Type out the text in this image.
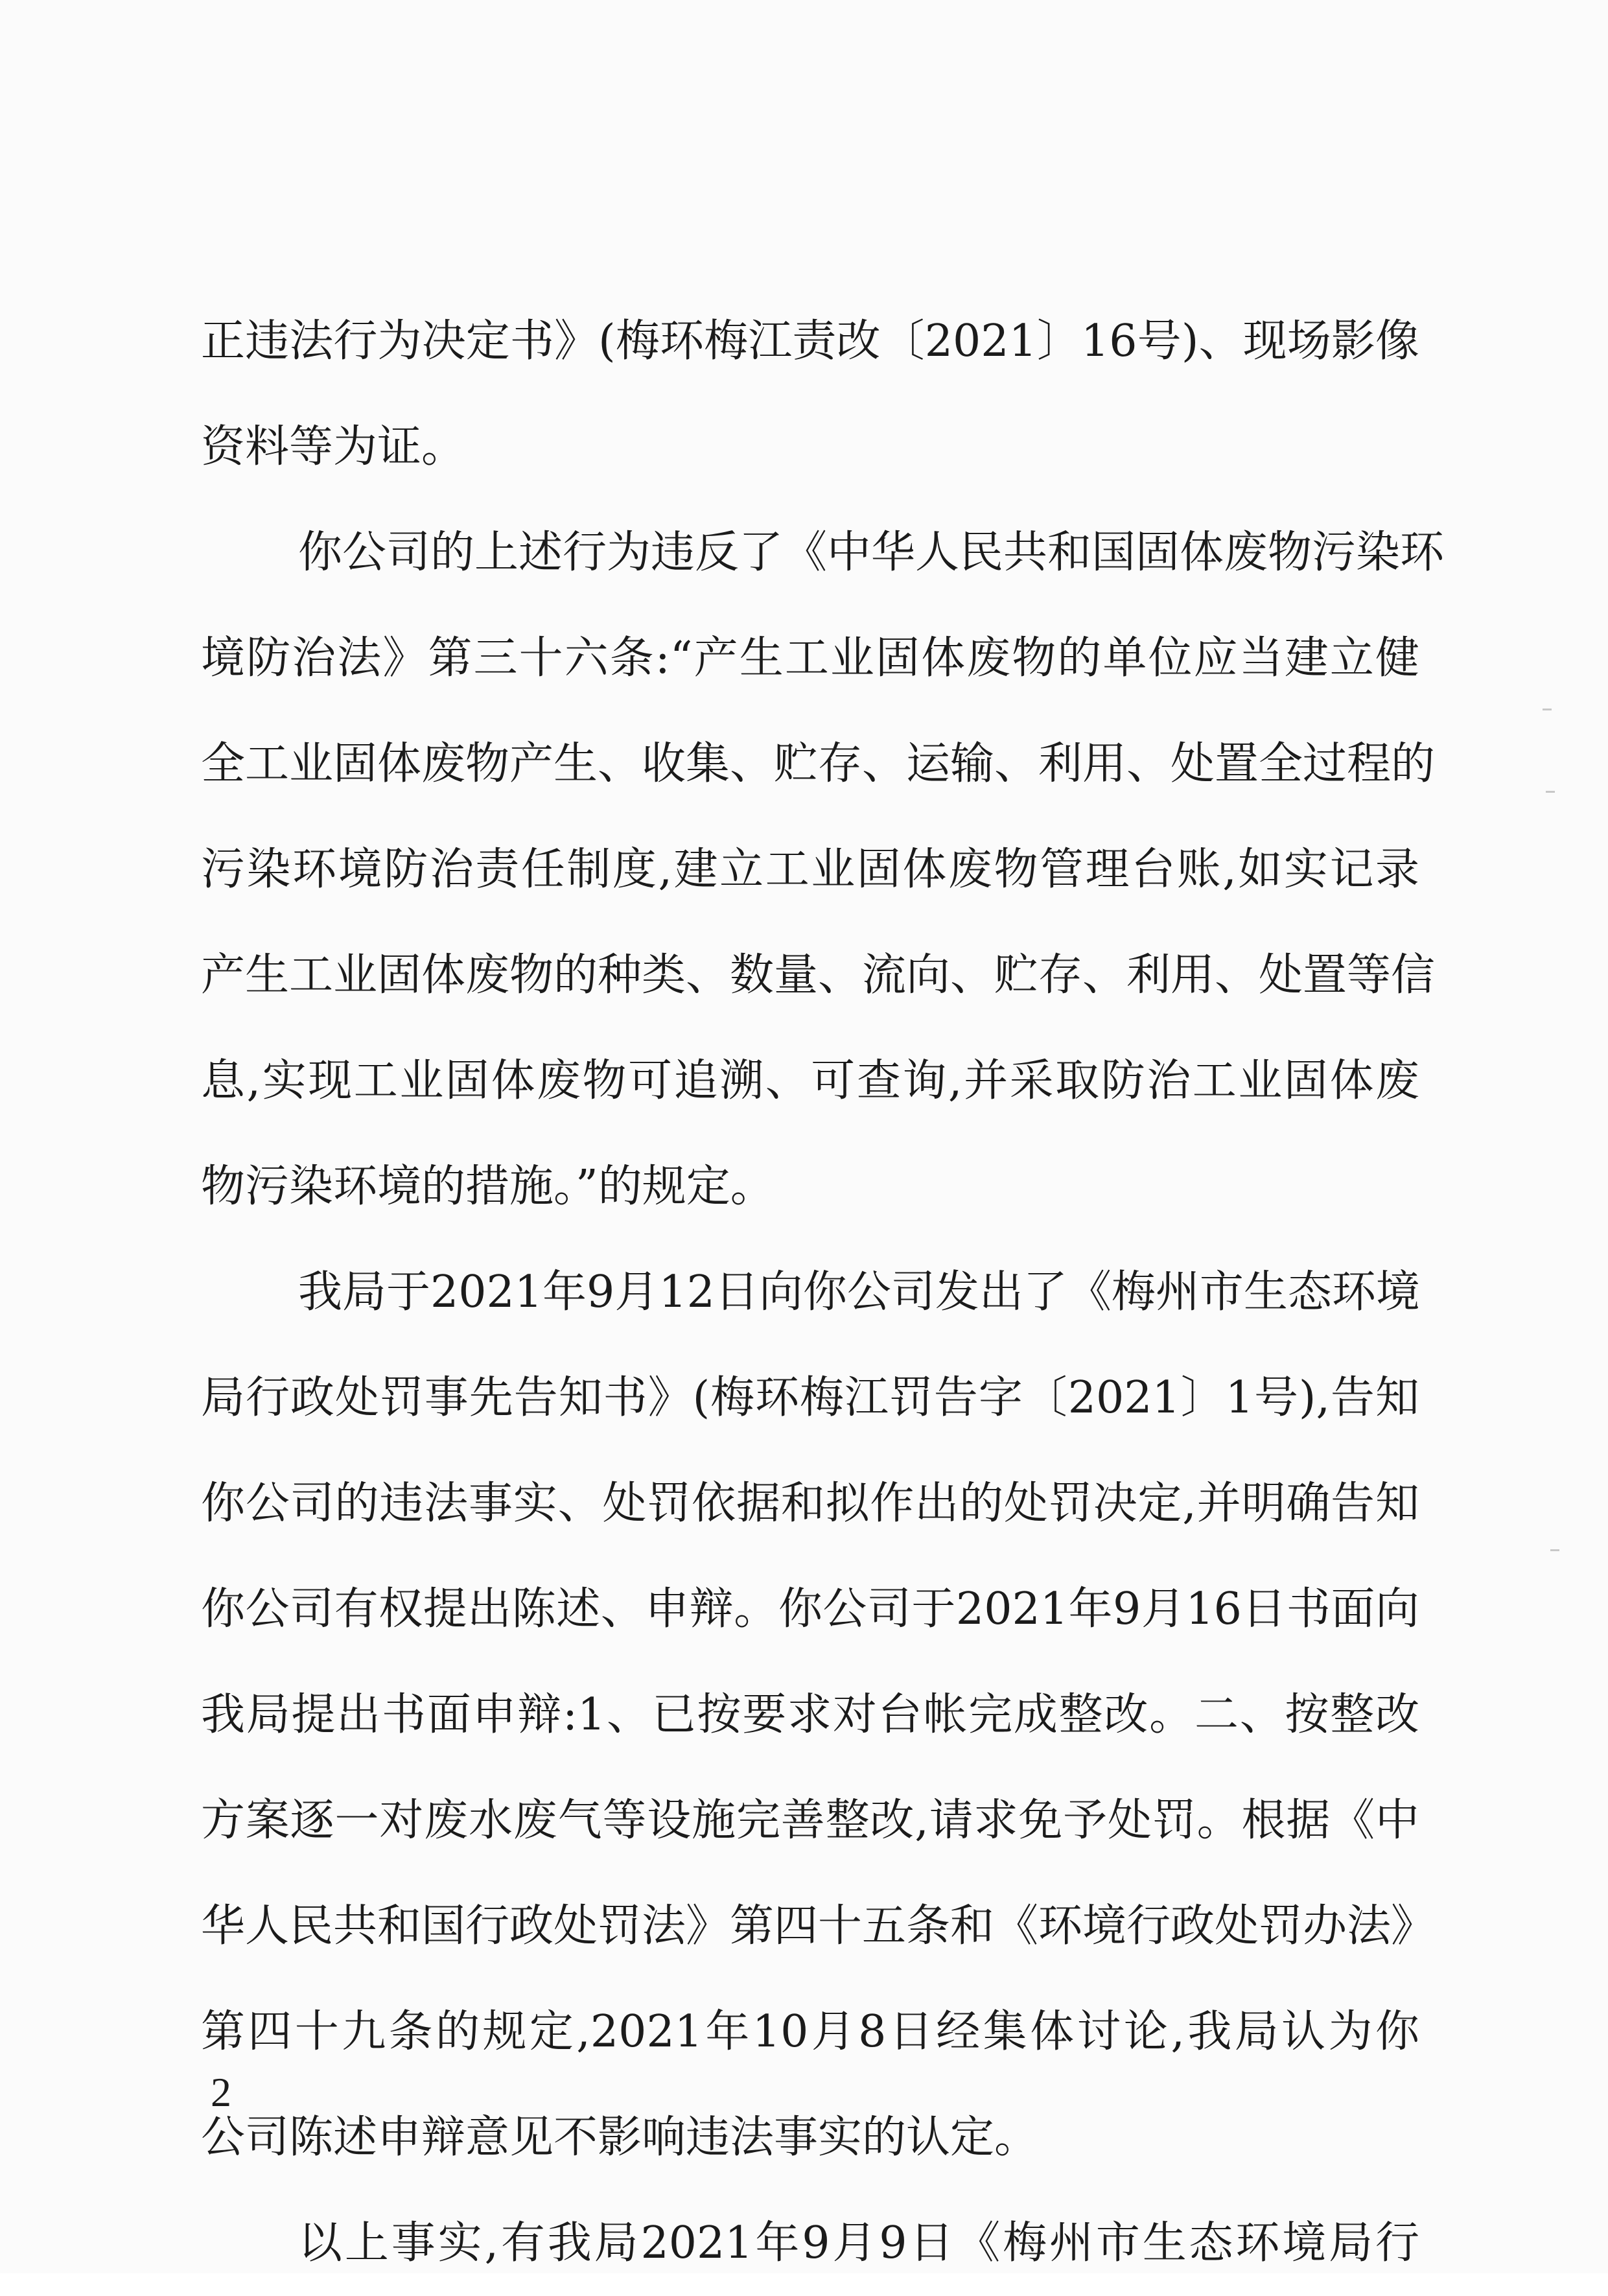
正违法行为决定书》(梅环梅江责改〔2021〕16号)、现场影像
资料等为证。
你公司的上述行为违反了《中华人民共和国固体废物污染环
境防治法》第三十六条:“产生工业固体废物的单位应当建立健
全工业固体废物产生、收集、贮存、运输、利用、处置全过程的
污染环境防治责任制度,建立工业固体废物管理台账,如实记录
产生工业固体废物的种类、数量、流向、贮存、利用、处置等信
息,实现工业固体废物可追溯、可查询,并采取防治工业固体废
物污染环境的措施。”的规定。
我局于2021年9月12日向你公司发出了《梅州市生态环境
局行政处罚事先告知书》(梅环梅江罚告字〔2021〕1号),告知
你公司的违法事实、处罚依据和拟作出的处罚决定,并明确告知
你公司有权提出陈述、申辩。你公司于2021年9月16日书面向
我局提出书面申辩:1、已按要求对台帐完成整改。二、按整改
方案逐一对废水废气等设施完善整改,请求免予处罚。根据《中
华人民共和国行政处罚法》第四十五条和《环境行政处罚办法》
第四十九条的规定,2021年10月8日经集体讨论,我局认为你
公司陈述申辩意见不影响违法事实的认定。
以上事实,有我局2021年9月9日《梅州市生态环境局行
2
